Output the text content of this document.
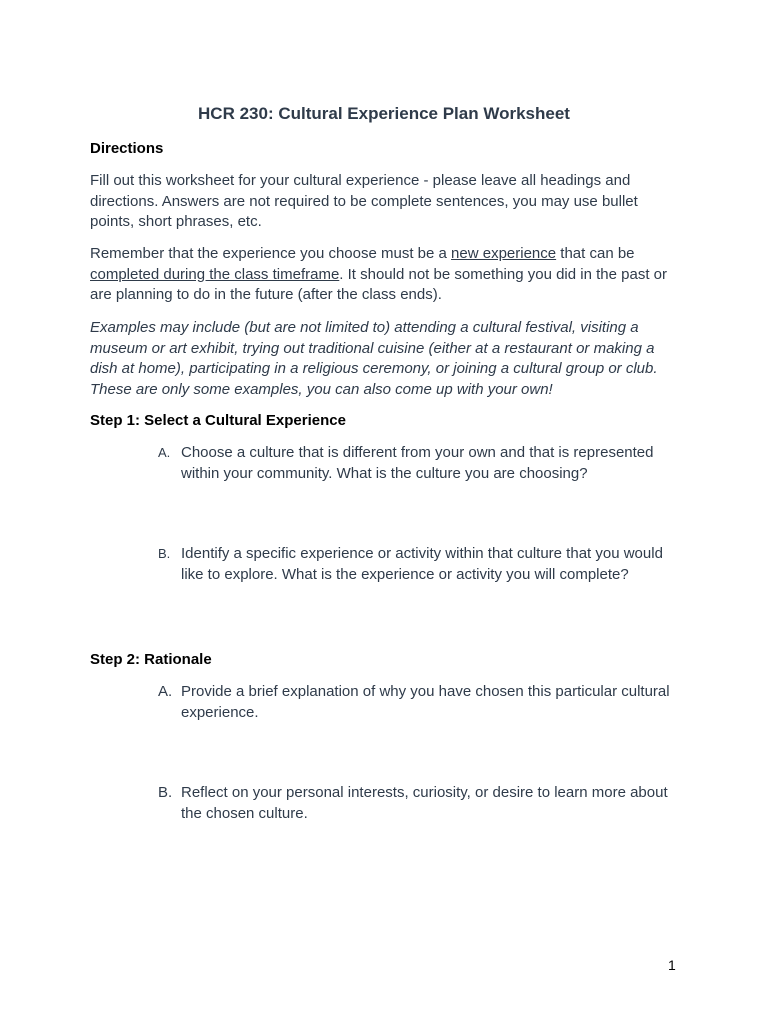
HCR 230: Cultural Experience Plan Worksheet
Directions
Fill out this worksheet for your cultural experience - please leave all headings and directions. Answers are not required to be complete sentences, you may use bullet points, short phrases, etc.
Remember that the experience you choose must be a new experience that can be completed during the class timeframe. It should not be something you did in the past or are planning to do in the future (after the class ends).
Examples may include (but are not limited to) attending a cultural festival, visiting a museum or art exhibit, trying out traditional cuisine (either at a restaurant or making a dish at home), participating in a religious ceremony, or joining a cultural group or club. These are only some examples, you can also come up with your own!
Step 1: Select a Cultural Experience
A. Choose a culture that is different from your own and that is represented within your community. What is the culture you are choosing?
B. Identify a specific experience or activity within that culture that you would like to explore. What is the experience or activity you will complete?
Step 2: Rationale
A. Provide a brief explanation of why you have chosen this particular cultural experience.
B. Reflect on your personal interests, curiosity, or desire to learn more about the chosen culture.
1
